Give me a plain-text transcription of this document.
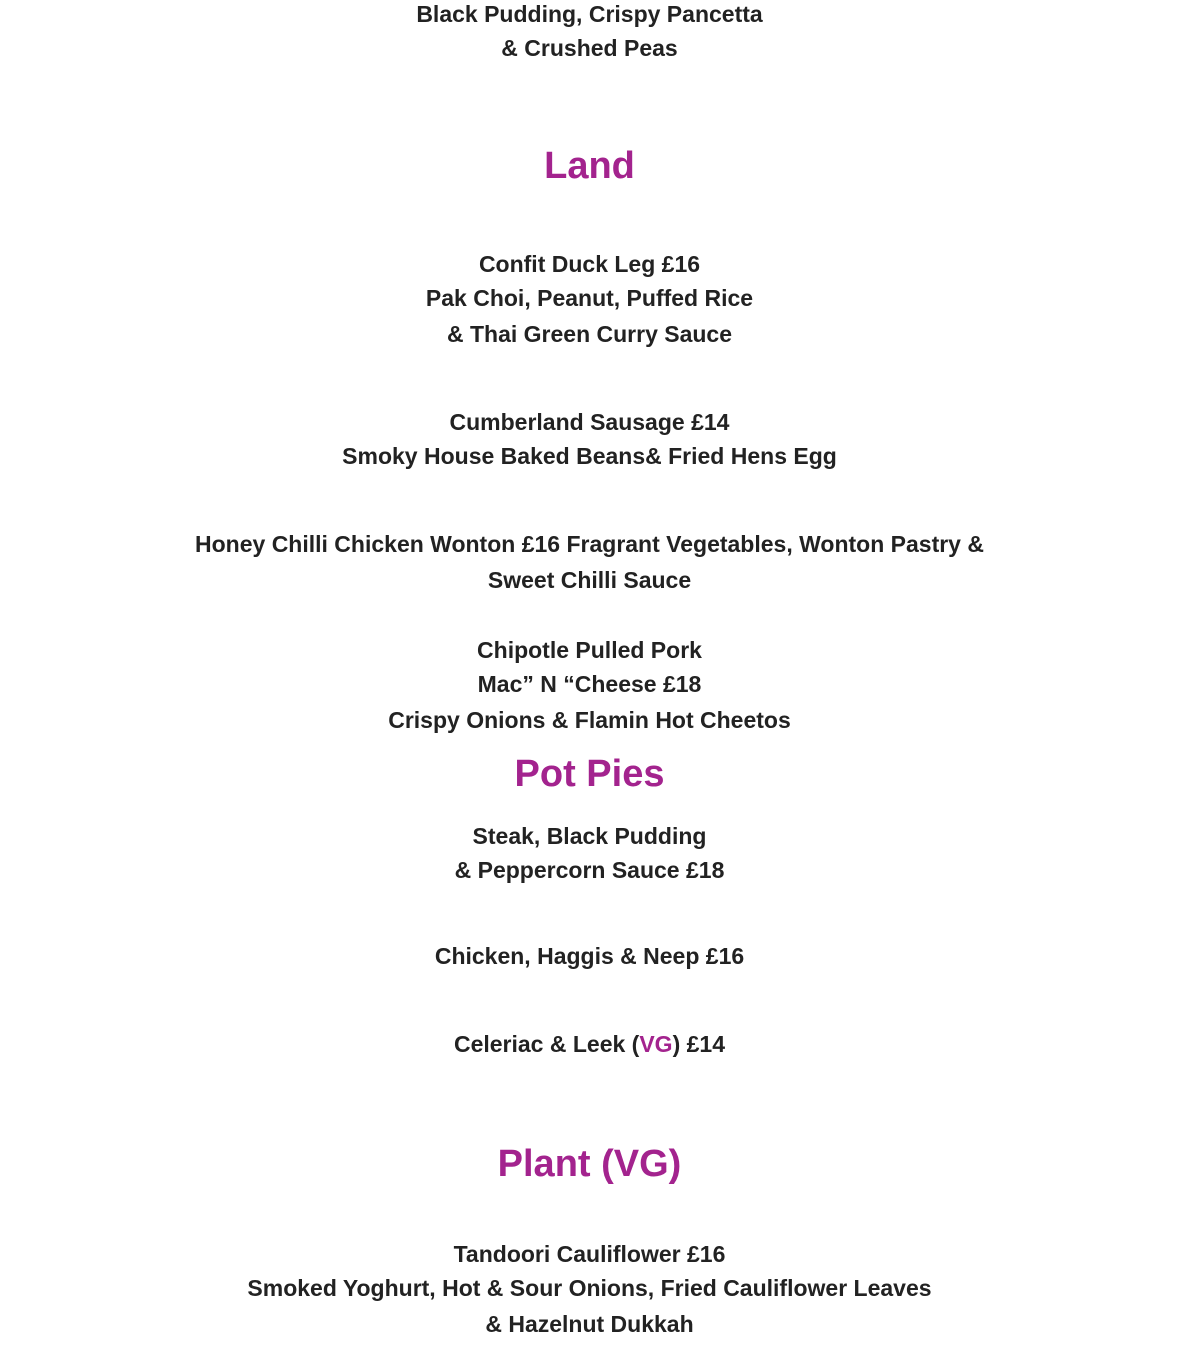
Black Pudding, Crispy Pancetta
& Crushed Peas
Land
Confit Duck Leg £16
Pak Choi, Peanut, Puffed Rice
& Thai Green Curry Sauce
Cumberland Sausage £14
Smoky House Baked Beans& Fried Hens Egg
Honey Chilli Chicken Wonton £16 Fragrant Vegetables, Wonton Pastry &
Sweet Chilli Sauce
Chipotle Pulled Pork
Mac” N “Cheese £18
Crispy Onions & Flamin Hot Cheetos
Pot Pies
Steak, Black Pudding
& Peppercorn Sauce £18
Chicken, Haggis & Neep £16
Celeriac & Leek (VG) £14
Plant (VG)
Tandoori Cauliflower £16
Smoked Yoghurt, Hot & Sour Onions, Fried Cauliflower Leaves
& Hazelnut Dukkah
